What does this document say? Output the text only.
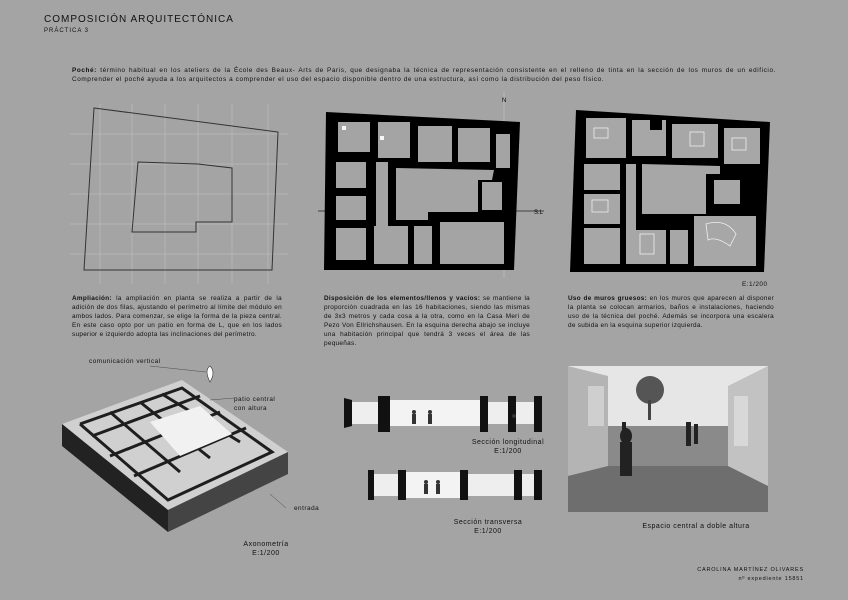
COMPOSICIÓN ARQUITECTÓNICA
PRÁCTICA 3
Poché: término habitual en los ateliers de la École des Beaux- Arts de Paris, que designaba la técnica de representación consistente en el relleno de tinta en la sección de los muros de un edificio. Comprender el poché ayuda a los arquitectos a comprender el uso del espacio disponible dentro de una estructura, así como la distribución del peso físico.
Ampliación: la ampliación en planta se realiza a partir de la adición de dos filas, ajustando el perímetro al límite del módulo en ambos lados. Para comenzar, se elige la forma de la pieza central. En este caso opto por un patio en forma de L, que en los lados superior e izquierdo adopta las inclinaciones del perímetro.
N
S.L
Disposición de los elementos/llenos y vacíos: se mantiene la proporción cuadrada en las 16 habitaciones, siendo las mismas de 3x3 metros y cada cosa a la otra, como en la Casa Meri de Pezo Von Ellrichshausen. En la esquina derecha abajo se incluye una habitación principal que tendrá 3 veces el área de las pequeñas.
E:1/200
Uso de muros gruesos: en los muros que aparecen al disponer la planta se colocan armarios, baños e instalaciones, haciendo uso de la técnica del poché. Además se incorpora una escalera de subida en la esquina superior izquierda.
comunicación vertical
patio central
con altura
entrada
Axonometría
E:1/200
Sección longitudinal
E:1/200
Sección transversa
E:1/200
Espacio central a doble altura
CAROLINA MARTÍNEZ OLIVARES
nº expediente 15851
